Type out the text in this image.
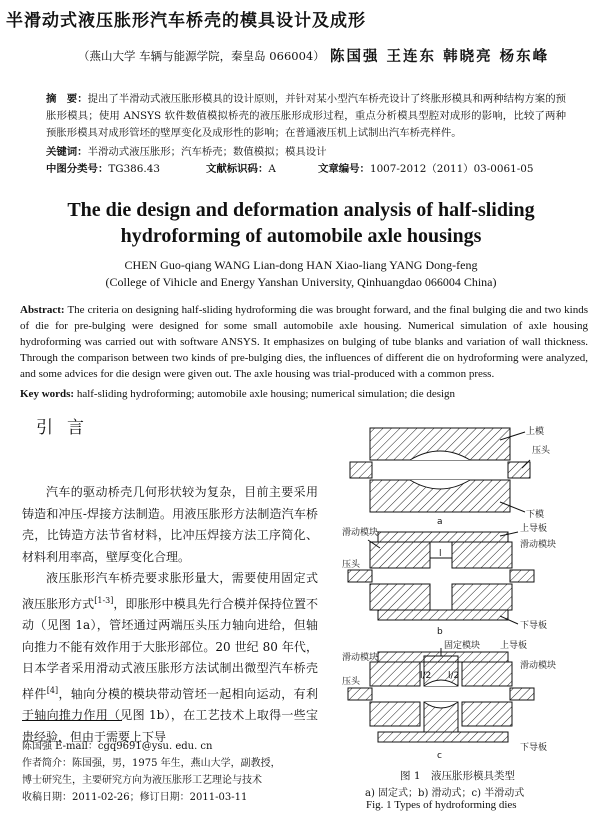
半滑动式液压胀形汽车桥壳的模具设计及成形
（燕山大学 车辆与能源学院，秦皇岛 066004） 陈国强 王连东 韩晓亮 杨东峰
摘　要：提出了半滑动式液压胀形模具的设计原则，并针对某小型汽车桥壳设计了终胀形模具和两种结构方案的预胀形模具；使用 ANSYS 软件数值模拟桥壳的液压胀形成形过程，重点分析模具型腔对成形的影响，比较了两种预胀形模具对成形管坯的壁厚变化及成形性的影响；在普通液压机上试制出汽车桥壳样件。
关键词：半滑动式液压胀形；汽车桥壳；数值模拟；模具设计
中图分类号：TG386.43	文献标识码：A	文章编号：1007-2012（2011）03-0061-05
The die design and deformation analysis of half-sliding
hydroforming of automobile axle housings
CHEN Guo-qiang WANG Lian-dong HAN Xiao-liang YANG Dong-feng
(College of Vihicle and Energy Yanshan University, Qinhuangdao 066004 China)
Abstract: The criteria on designing half-sliding hydroforming die was brought forward, and the final bulging die and two kinds of die for pre-bulging were designed for some small automobile axle housing. Numerical simulation of axle housing hydroforming was carried out with software ANSYS. It emphasizes on bulging of tube blanks and variation of wall thickness. Through the comparison between two kinds of pre-bulging dies, the influences of different die on hydroforming were analyzed, and some advices for die design were given out. The axle housing was trial-produced with a common press.
Key words: half-sliding hydroforming; automobile axle housing; numerical simulation; die design
引言

汽车的驱动桥壳几何形状较为复杂，目前主要采用铸造和冲压-焊接方法制造。用液压胀形方法制造汽车桥壳，比铸造方法节省材料，比冲压焊接方法工序简化、材料利用率高，壁厚变化合理。

液压胀形汽车桥壳要求胀形量大，需要使用固定式液压胀形方式[1-3]，即胀形中模具先行合模并保持位置不动（见图 1a），管坯通过两端压头压力轴向进给，但轴向推力不能有效作用于大胀形部位。20 世纪 80 年代，日本学者采用滑动式液压胀形方法试制出微型汽车桥壳样件[4]，轴向分模的模块带动管坯一起相向运动，有利于轴向推力作用（见图 1b），在工艺技术上取得一些宝贵经验，但由于需要上下导

陈国强 E-mail：cgq9691@ysu. edu. cn
作者简介：陈国强，男，1975 年生，燕山大学，副教授，
博士研究生，主要研究方向为液压胀形工艺理论与技术
收稿日期：2011-02-26；修订日期：2011-03-11
上模
压头
下模
a
l
滑动模块	上导板
滑动模块
压头
下导板
b
l/2 l/2
固定模块 上导板
滑动模块
压头
滑动模块
下导板
c
图 1　液压胀形模具类型
a) 固定式；b) 滑动式；c) 半滑动式
Fig. 1 Types of hydroforming dies
